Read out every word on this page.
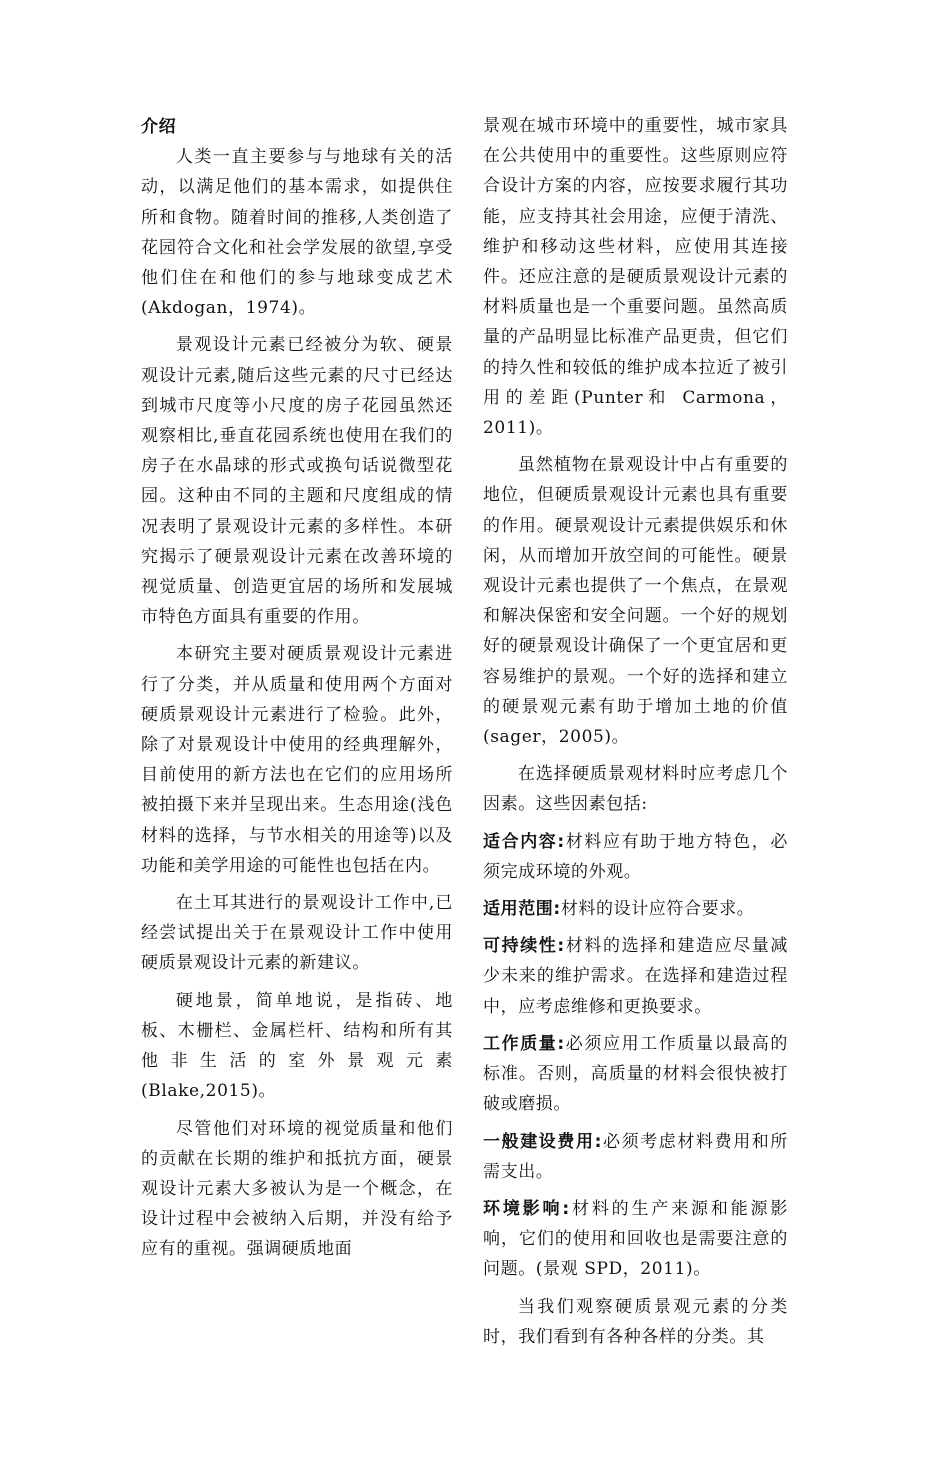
介绍

人类一直主要参与与地球有关的活动，以满足他们的基本需求，如提供住所和食物。随着时间的推移,人类创造了花园符合文化和社会学发展的欲望,享受他们住在和他们的参与地球变成艺术(Akdogan，1974)。

景观设计元素已经被分为软、硬景观设计元素,随后这些元素的尺寸已经达到城市尺度等小尺度的房子花园虽然还观察相比,垂直花园系统也使用在我们的房子在水晶球的形式或换句话说微型花园。这种由不同的主题和尺度组成的情况表明了景观设计元素的多样性。本研究揭示了硬景观设计元素在改善环境的视觉质量、创造更宜居的场所和发展城市特色方面具有重要的作用。

本研究主要对硬质景观设计元素进行了分类，并从质量和使用两个方面对硬质景观设计元素进行了检验。此外，除了对景观设计中使用的经典理解外，目前使用的新方法也在它们的应用场所被拍摄下来并呈现出来。生态用途(浅色材料的选择，与节水相关的用途等)以及功能和美学用途的可能性也包括在内。

在土耳其进行的景观设计工作中,已经尝试提出关于在景观设计工作中使用硬质景观设计元素的新建议。

硬地景，简单地说，是指砖、地板、木栅栏、金属栏杆、结构和所有其他非生活的室外景观元素(Blake,2015)。

尽管他们对环境的视觉质量和他们的贡献在长期的维护和抵抗方面，硬景观设计元素大多被认为是一个概念，在设计过程中会被纳入后期，并没有给予应有的重视。强调硬质地面

景观在城市环境中的重要性，城市家具在公共使用中的重要性。这些原则应符合设计方案的内容，应按要求履行其功能，应支持其社会用途，应便于清洗、维护和移动这些材料，应使用其连接件。还应注意的是硬质景观设计元素的材料质量也是一个重要问题。虽然高质量的产品明显比标准产品更贵，但它们的持久性和较低的维护成本拉近了被引用的差距(Punter和 Carmona，2011)。

虽然植物在景观设计中占有重要的地位，但硬质景观设计元素也具有重要的作用。硬景观设计元素提供娱乐和休闲，从而增加开放空间的可能性。硬景观设计元素也提供了一个焦点，在景观和解决保密和安全问题。一个好的规划好的硬景观设计确保了一个更宜居和更容易维护的景观。一个好的选择和建立的硬景观元素有助于增加土地的价值(sager，2005)。

在选择硬质景观材料时应考虑几个因素。这些因素包括:

适合内容:材料应有助于地方特色，必须完成环境的外观。

适用范围:材料的设计应符合要求。

可持续性:材料的选择和建造应尽量减少未来的维护需求。在选择和建造过程中，应考虑维修和更换要求。

工作质量:必须应用工作质量以最高的标准。否则，高质量的材料会很快被打破或磨损。

一般建设费用:必须考虑材料费用和所需支出。

环境影响:材料的生产来源和能源影响，它们的使用和回收也是需要注意的问题。(景观 SPD，2011)。

当我们观察硬质景观元素的分类时，我们看到有各种各样的分类。其
